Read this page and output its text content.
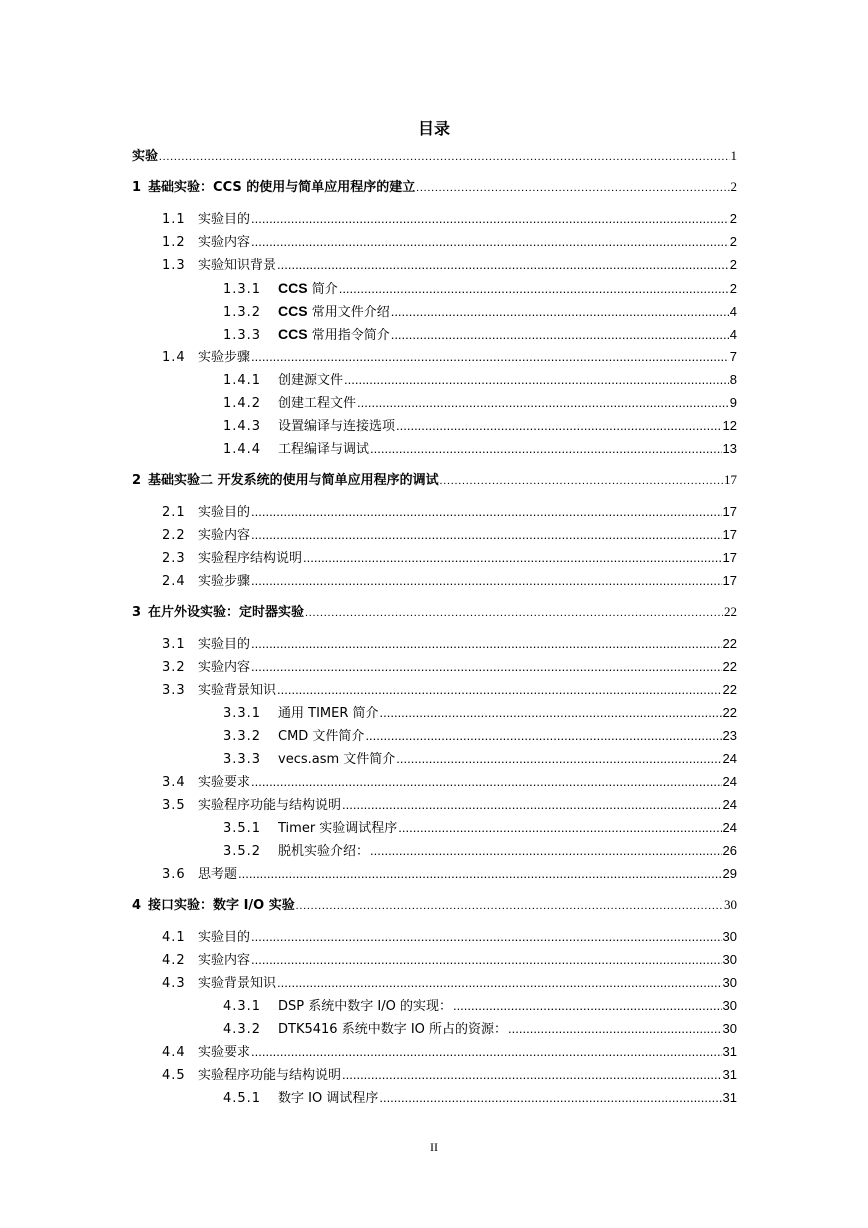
目录
实验 .....	1
1 基础实验：CCS 的使用与简单应用程序的建立 .....	2
1.1 实验目的 .....	2
1.2 实验内容 .....	2
1.3 实验知识背景 .....	2
1.3.1	CCS 简介 .....	2
1.3.2	CCS 常用文件介绍 .....	4
1.3.3	CCS 常用指令简介 .....	4
1.4 实验步骤 .....	7
1.4.1	创建源文件 .....	8
1.4.2	创建工程文件 .....	9
1.4.3	设置编译与连接选项 .....	12
1.4.4	工程编译与调试 .....	13
2 基础实验二 开发系统的使用与简单应用程序的调试 .....	17
2.1 实验目的 .....	17
2.2 实验内容 .....	17
2.3 实验程序结构说明 .....	17
2.4 实验步骤 .....	17
3 在片外设实验：定时器实验 .....	22
3.1 实验目的 .....	22
3.2 实验内容 .....	22
3.3 实验背景知识 .....	22
3.3.1	通用 TIMER 简介 .....	22
3.3.2	CMD 文件简介 .....	23
3.3.3	vecs.asm 文件简介 .....	24
3.4 实验要求 .....	24
3.5 实验程序功能与结构说明 .....	24
3.5.1	Timer 实验调试程序 .....	24
3.5.2	脱机实验介绍： .....	26
3.6 思考题 .....	29
4 接口实验：数字 I/O 实验 .....	30
4.1 实验目的 .....	30
4.2 实验内容 .....	30
4.3 实验背景知识 .....	30
4.3.1	DSP 系统中数字 I/O 的实现： .....	30
4.3.2	DTK5416 系统中数字 IO 所占的资源： .....	30
4.4 实验要求 .....	31
4.5 实验程序功能与结构说明 .....	31
4.5.1	数字 IO 调试程序 .....	31
II
